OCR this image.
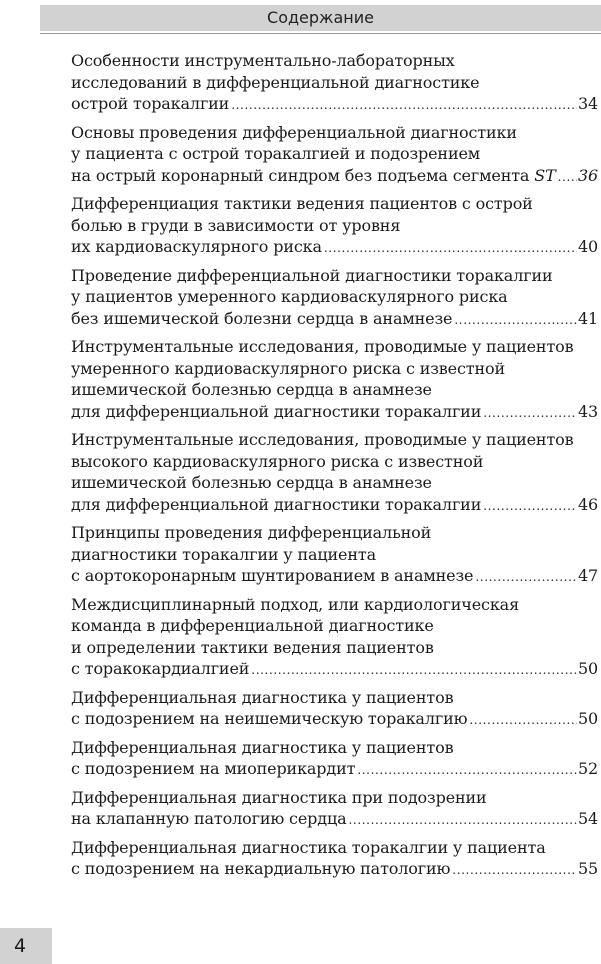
Содержание
Особенности инструментально-лабораторных
исследований в дифференциальной диагностике
острой торакалгии .....	34
Основы проведения дифференциальной диагностики
у пациента с острой торакалгией и подозрением
на острый коронарный синдром без подъема сегмента ST ..... 36
Дифференциация тактики ведения пациентов с острой
болью в груди в зависимости от уровня
их кардиоваскулярного риска .....	40
Проведение дифференциальной диагностики торакалгии
у пациентов умеренного кардиоваскулярного риска
без ишемической болезни сердца в анамнезе .....	41
Инструментальные исследования, проводимые у пациентов
умеренного кардиоваскулярного риска с известной
ишемической болезнью сердца в анамнезе
для дифференциальной диагностики торакалгии .....	43
Инструментальные исследования, проводимые у пациентов
высокого кардиоваскулярного риска с известной
ишемической болезнью сердца в анамнезе
для дифференциальной диагностики торакалгии .....	46
Принципы проведения дифференциальной
диагностики торакалгии у пациента
с аортокоронарным шунтированием в анамнезе .....	47
Междисциплинарный подход, или кардиологическая
команда в дифференциальной диагностике
и определении тактики ведения пациентов
с торакокардиалгией .....	50
Дифференциальная диагностика у пациентов
с подозрением на неишемическую торакалгию .....	50
Дифференциальная диагностика у пациентов
с подозрением на миоперикардит .....	52
Дифференциальная диагностика при подозрении
на клапанную патологию сердца .....	54
Дифференциальная диагностика торакалгии у пациента
с подозрением на некардиальную патологию .....	55
4
